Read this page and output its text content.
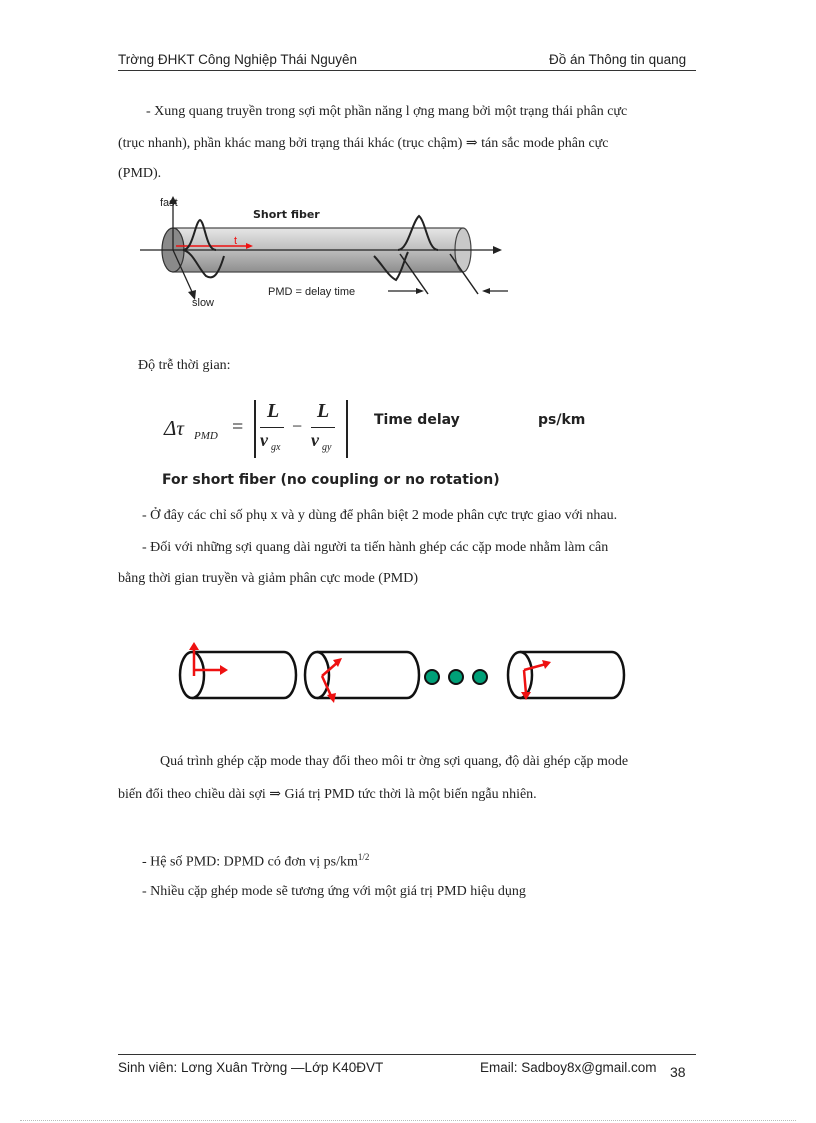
Trờng ĐHKT Công Nghiệp Thái Nguyên	Đồ án Thông tin quang
- Xung quang truyền trong sợi một phần năng l ợng mang bởi một trạng thái phân cực
(trục nhanh), phần khác mang bởi trạng thái khác (trục chậm) ⇒ tán sắc mode phân cực
(PMD).
fast
slow
Short fiber
t
PMD = delay time
Độ trễ thời gian:
Δτ PMD =
L
v gx
−
L
v gy
Time delay	ps/km
For short fiber (no coupling or no rotation)
- Ở đây các chỉ số phụ x và y dùng để phân biệt 2 mode phân cực trực giao với nhau.
- Đối với những sợi quang dài người ta tiến hành ghép các cặp mode nhằm làm cân
bằng thời gian truyền và giảm phân cực mode (PMD)
Quá trình ghép cặp mode thay đổi theo môi tr ờng sợi quang, độ dài ghép cặp mode
biến đổi theo chiều dài sợi ⇒ Giá trị PMD tức thời là một biến ngẫu nhiên.
- Hệ số PMD: DPMD có đơn vị $ps/km^{1/2}$
- Nhiều cặp ghép mode sẽ tương ứng với một giá trị PMD hiệu dụng
Sinh viên: Lơng Xuân Trờng —Lớp K40ĐVT	Email: Sadboy8x@gmail.com 38
